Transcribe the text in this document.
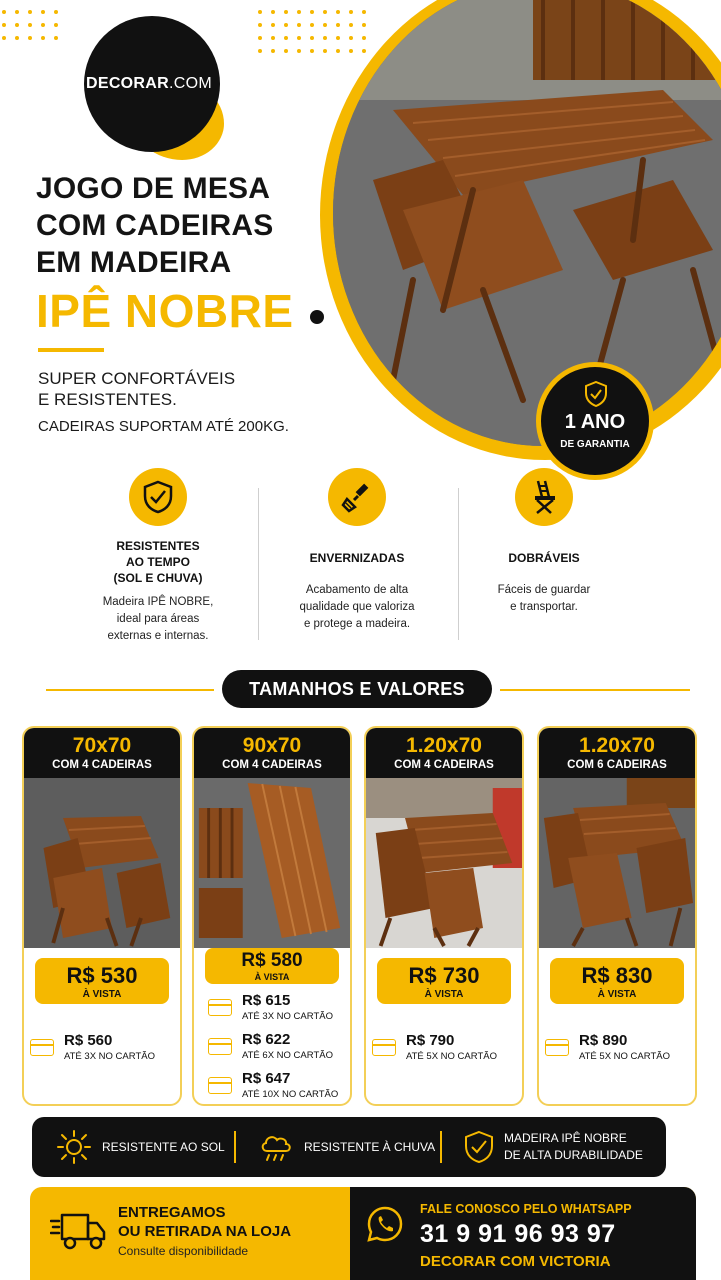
DECORAR.COM
1 ANO
DE GARANTIA
JOGO DE MESA
COM CADEIRAS
EM MADEIRA
IPÊ NOBRE
SUPER CONFORTÁVEIS
E RESISTENTES.
CADEIRAS SUPORTAM ATÉ 200KG.
RESISTENTES
AO TEMPO
(SOL E CHUVA)
Madeira IPÊ NOBRE,
ideal para áreas
externas e internas.
ENVERNIZADAS
Acabamento de alta
qualidade que valoriza
e protege a madeira.
DOBRÁVEIS
Fáceis de guardar
e transportar.
TAMANHOS E VALORES
70x70
COM 4 CADEIRAS
R$ 530
À VISTA
R$ 560
ATÉ 3X NO CARTÃO
90x70
COM 4 CADEIRAS
R$ 580
À VISTA
R$ 615
ATÉ 3X NO CARTÃO
R$ 622
ATÉ 6X NO CARTÃO
R$ 647
ATÉ 10X NO CARTÃO
1.20x70
COM 4 CADEIRAS
R$ 730
À VISTA
R$ 790
ATÉ 5X NO CARTÃO
1.20x70
COM 6 CADEIRAS
R$ 830
À VISTA
R$ 890
ATÉ 5X NO CARTÃO
RESISTENTE AO SOL	RESISTENTE À CHUVA
MADEIRA IPÊ NOBRE
DE ALTA DURABILIDADE
ENTREGAMOS
OU RETIRADA NA LOJA
Consulte disponibilidade
FALE CONOSCO PELO WHATSAPP
31 9 91 96 93 97
DECORAR COM VICTORIA
